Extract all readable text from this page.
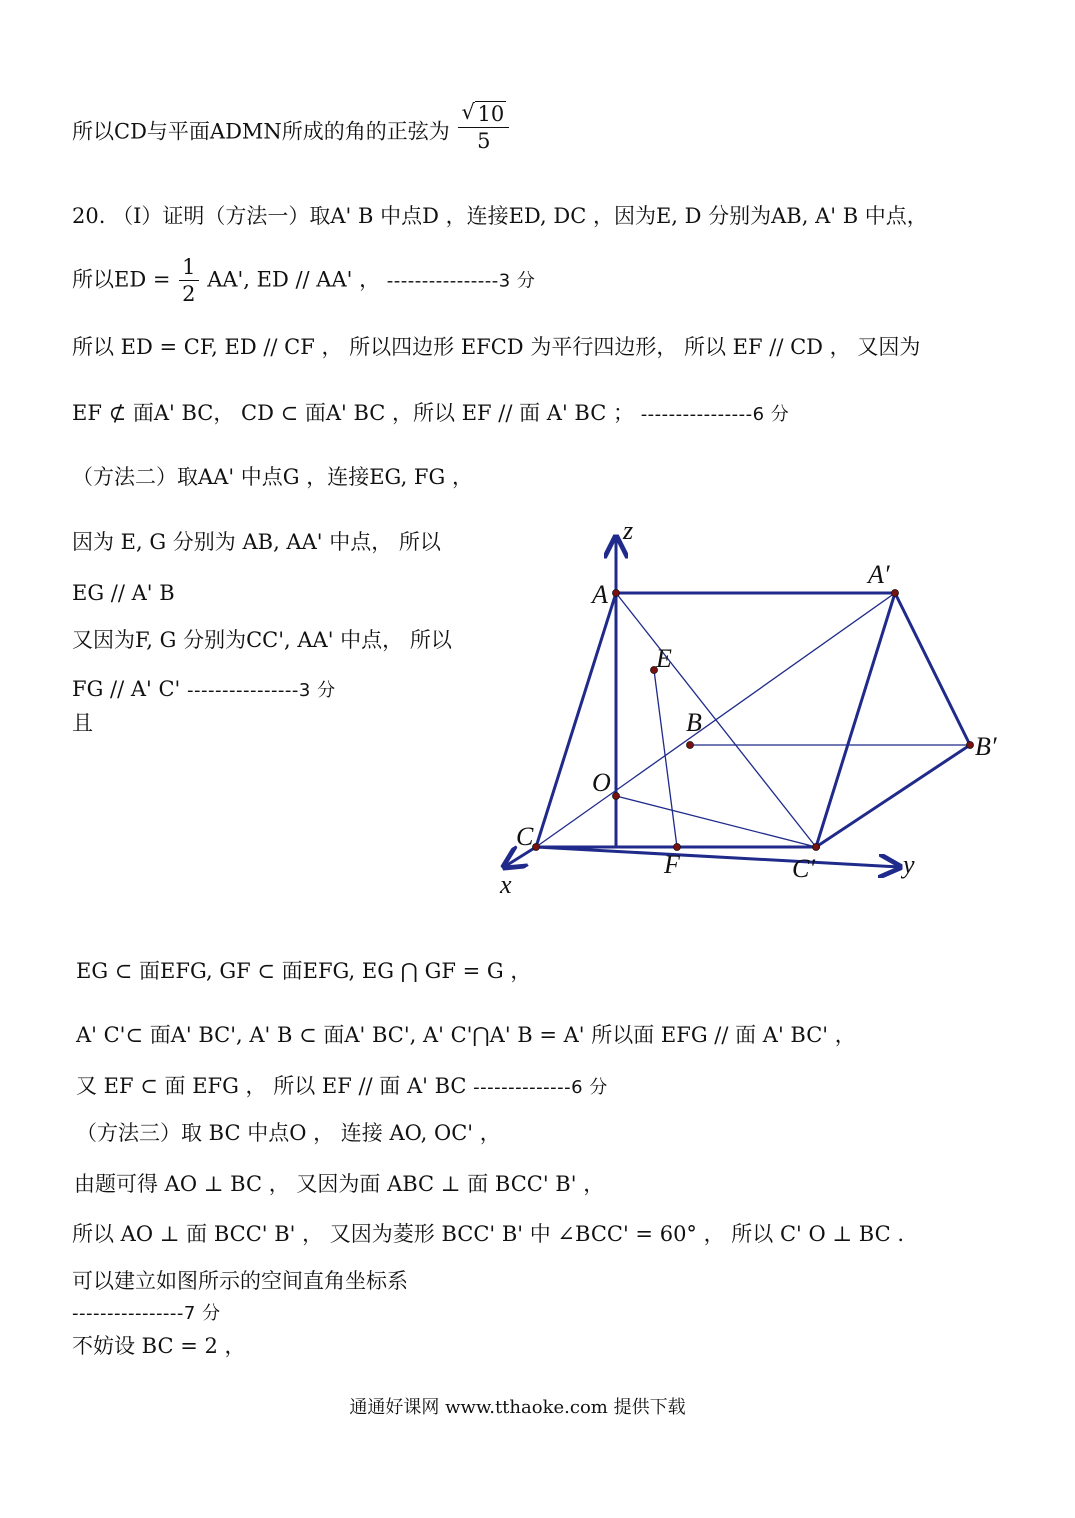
所以CD与平面ADMN所成的角的正弦为 $\frac{√ 10}{5}$
20. （Ⅰ）证明（方法一）取A' B 中点D ，连接ED, DC ，因为E, D 分别为AB, A' B 中点，
所以ED = $\frac{1}{2} AA'$, ED // AA' ， ----------------3 分
所以 ED = CF, ED // CF ， 所以四边形 EFCD 为平行四边形， 所以 EF // CD ， 又因为
EF ⊄ 面A' BC， CD ⊂ 面A' BC ，所以 EF // 面 A' BC ； ----------------6 分
（方法二）取AA' 中点G ，连接EG, FG ，
因为 E, G 分别为 AB, AA' 中点， 所以
EG // A' B
又因为F, G 分别为CC', AA' 中点， 所以
FG // A' C' ----------------3 分
且
z
y
x
A
A′
E
B
B′
O
C
F	C′
EG ⊂ 面EFG, GF ⊂ 面EFG, EG ⋂ GF = G ，
A' C'⊂ 面A' BC', A' B ⊂ 面A' BC', A' C'⋂A' B = A' 所以面 EFG // 面 A' BC' ，
又 EF ⊂ 面 EFG ， 所以 EF // 面 A' BC --------------6 分
（方法三）取 BC 中点O ， 连接 AO, OC' ，
由题可得 AO ⊥ BC ， 又因为面 ABC ⊥ 面 BCC' B' ，
所以 AO ⊥ 面 BCC' B' ， 又因为菱形 BCC' B' 中 ∠BCC' = 60° ， 所以 C' O ⊥ BC .
可以建立如图所示的空间直角坐标系
----------------7 分
不妨设 BC = 2 ，
通通好课网 www.tthaoke.com 提供下载
